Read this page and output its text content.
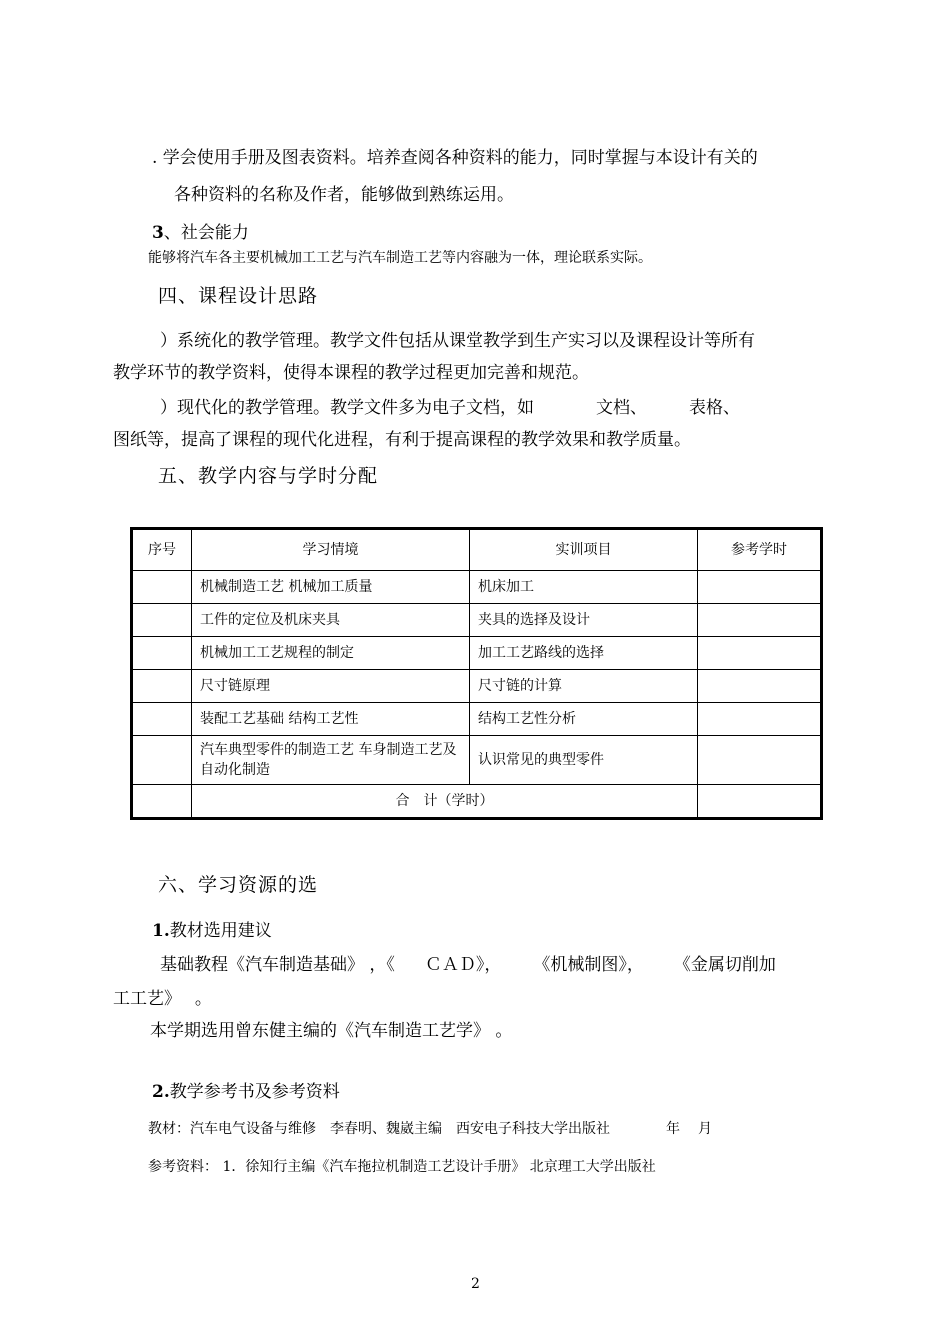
. 学会使用手册及图表资料。培养查阅各种资料的能力，同时掌握与本设计有关的
各种资料的名称及作者，能够做到熟练运用。
3、社会能力
能够将汽车各主要机械加工工艺与汽车制造工艺等内容融为一体，理论联系实际。
四、课程设计思路
）系统化的教学管理。教学文件包括从课堂教学到生产实习以及课程设计等所有
教学环节的教学资料，使得本课程的教学过程更加完善和规范。
）现代化的教学管理。教学文件多为电子文档，如	文档、 表格、
图纸等，提高了课程的现代化进程，有利于提高课程的教学效果和教学质量。
五、教学内容与学时分配
序号	学习情境	实训项目	参考学时
	机械制造工艺 机械加工质量	机床加工	
	工件的定位及机床夹具	夹具的选择及设计	
	机械加工工艺规程的制定	加工工艺路线的选择	
	尺寸链原理	尺寸链的计算	
	装配工艺基础 结构工艺性	结构工艺性分析	
	汽车典型零件的制造工艺 车身制造工艺及自动化制造	认识常见的典型零件	
	合　计（学时）		
六、学习资源的选
1.教材选用建议
基础教程《汽车制造基础》 ，《 ＣＡＤ》， 《机械制图》， 《金属切削加
工工艺》　 。
本学期选用曾东健主编的《汽车制造工艺学》 。
2.教学参考书及参考资料
教材：汽车电气设备与维修　李春明、魏崴主编　西安电子科技大学出版社	年 月
参考资料： 1．徐知行主编《汽车拖拉机制造工艺设计手册》 北京理工大学出版社
2
